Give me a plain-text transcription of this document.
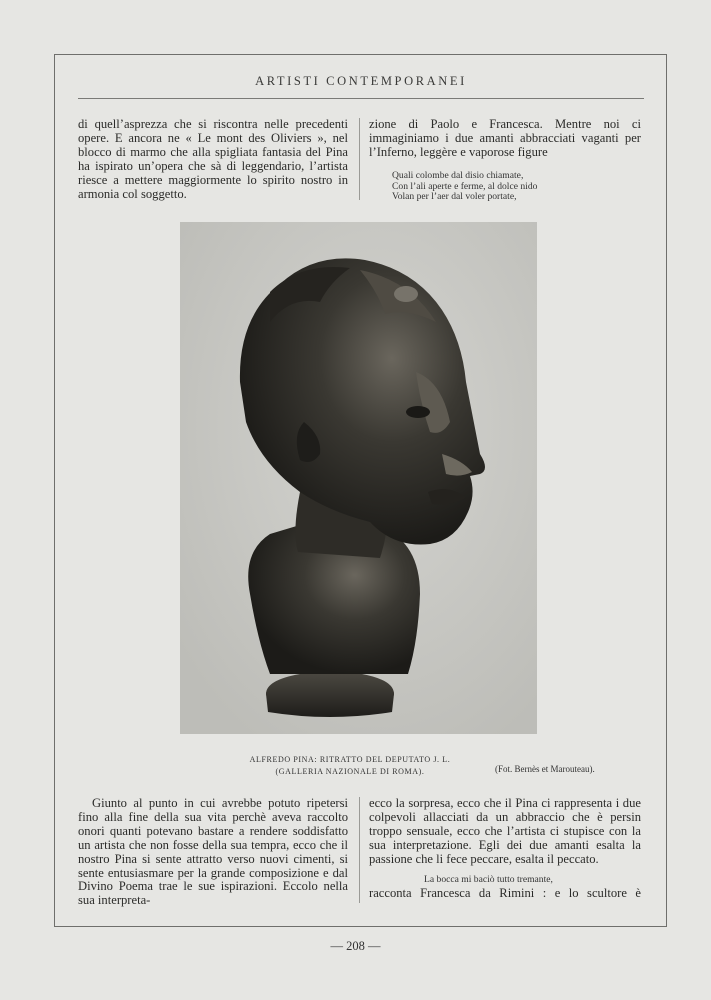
ARTISTI CONTEMPORANEI

di quell’asprezza che si riscontra nelle precedenti opere. E ancora ne « Le mont des Oliviers », nel blocco di marmo che alla spigliata fantasia del Pina ha ispirato un’opera che sà di leggendario, l’artista riesce a mettere maggiormente lo spirito nostro in armonia col soggetto.

zione di Paolo e Francesca. Mentre noi ci immaginiamo i due amanti abbracciati vaganti per l’Inferno, leggère e vaporose figure

Quali colombe dal disio chiamate,
Con l’ali aperte e ferme, al dolce nido
Volan per l’aer dal voler portate,
ALFREDO PINA: RITRATTO DEL DEPUTATO J. L.
(GALLERIA NAZIONALE DI ROMA).	(Fot. Bernès et Marouteau).

Giunto al punto in cui avrebbe potuto ripetersi fino alla fine della sua vita perchè aveva raccolto onori quanti potevano bastare a rendere soddisfatto un artista che non fosse della sua tempra, ecco che il nostro Pina si sente attratto verso nuovi cimenti, si sente entusiasmare per la grande composizione e dal Divino Poema trae le sue ispirazioni. Eccolo nella sua interpreta-

ecco la sorpresa, ecco che il Pina ci rappresenta i due colpevoli allacciati da un abbraccio che è persin troppo sensuale, ecco che l’artista ci stupisce con la sua interpretazione. Egli dei due amanti esalta la passione che li fece peccare, esalta il peccato.

La bocca mi baciò tutto tremante,
racconta Francesca da Rimini : e lo scultore è
— 208 —
